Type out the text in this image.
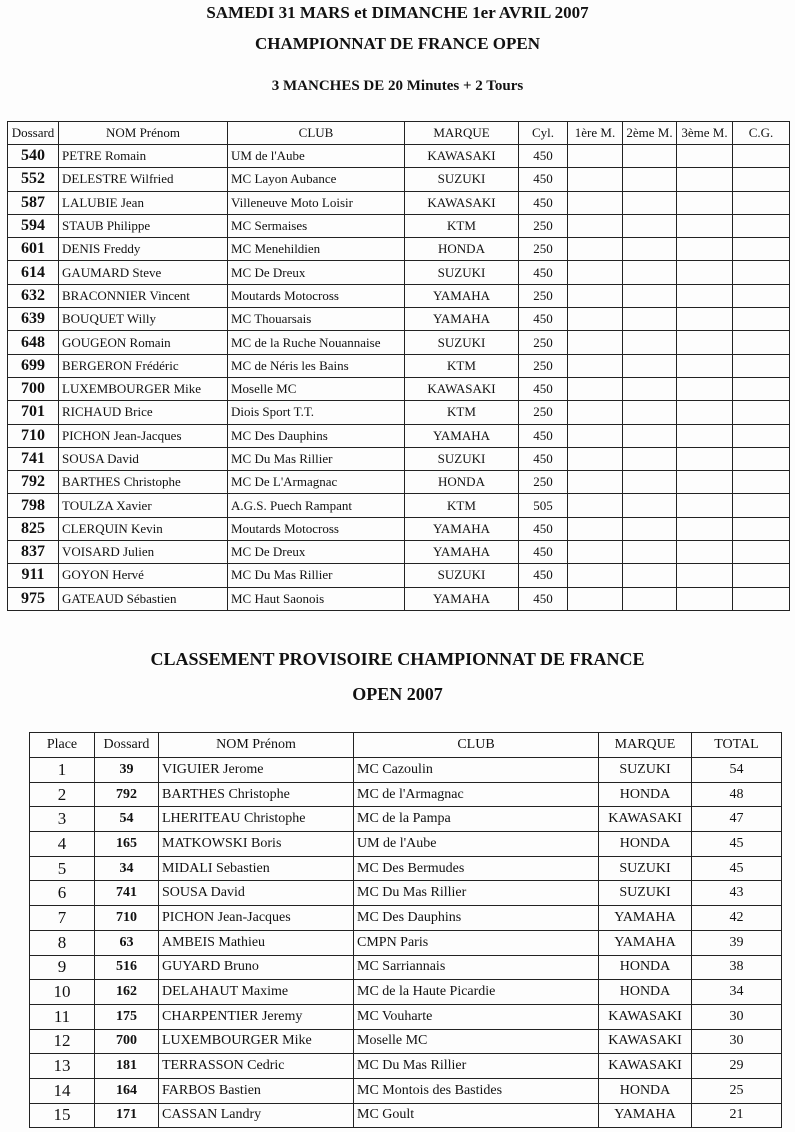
SAMEDI 31 MARS et DIMANCHE 1er AVRIL 2007
CHAMPIONNAT DE FRANCE OPEN
3 MANCHES DE 20 Minutes + 2 Tours
Dossard	NOM Prénom	CLUB	MARQUE	Cyl.	1ère M.	2ème M.	3ème M.	C.G.
540	PETRE Romain	UM de l'Aube	KAWASAKI	450				
552	DELESTRE Wilfried	MC Layon Aubance	SUZUKI	450				
587	LALUBIE Jean	Villeneuve Moto Loisir	KAWASAKI	450				
594	STAUB Philippe	MC Sermaises	KTM	250				
601	DENIS Freddy	MC Menehildien	HONDA	250				
614	GAUMARD Steve	MC De Dreux	SUZUKI	450				
632	BRACONNIER Vincent	Moutards Motocross	YAMAHA	250				
639	BOUQUET Willy	MC Thouarsais	YAMAHA	450				
648	GOUGEON Romain	MC de la Ruche Nouannaise	SUZUKI	250				
699	BERGERON Frédéric	MC de Néris les Bains	KTM	250				
700	LUXEMBOURGER Mike	Moselle MC	KAWASAKI	450				
701	RICHAUD Brice	Diois Sport T.T.	KTM	250				
710	PICHON Jean-Jacques	MC Des Dauphins	YAMAHA	450				
741	SOUSA David	MC Du Mas Rillier	SUZUKI	450				
792	BARTHES Christophe	MC De L'Armagnac	HONDA	250				
798	TOULZA Xavier	A.G.S. Puech Rampant	KTM	505				
825	CLERQUIN Kevin	Moutards Motocross	YAMAHA	450				
837	VOISARD Julien	MC De Dreux	YAMAHA	450				
911	GOYON Hervé	MC Du Mas Rillier	SUZUKI	450				
975	GATEAUD Sébastien	MC Haut Saonois	YAMAHA	450				
CLASSEMENT PROVISOIRE CHAMPIONNAT DE FRANCE
OPEN 2007
Place	Dossard	NOM Prénom	CLUB	MARQUE	TOTAL
1	39	VIGUIER Jerome	MC Cazoulin	SUZUKI	54
2	792	BARTHES Christophe	MC de l'Armagnac	HONDA	48
3	54	LHERITEAU Christophe	MC de la Pampa	KAWASAKI	47
4	165	MATKOWSKI Boris	UM de l'Aube	HONDA	45
5	34	MIDALI Sebastien	MC Des Bermudes	SUZUKI	45
6	741	SOUSA David	MC Du Mas Rillier	SUZUKI	43
7	710	PICHON Jean-Jacques	MC Des Dauphins	YAMAHA	42
8	63	AMBEIS Mathieu	CMPN Paris	YAMAHA	39
9	516	GUYARD Bruno	MC Sarriannais	HONDA	38
10	162	DELAHAUT Maxime	MC de la Haute Picardie	HONDA	34
11	175	CHARPENTIER Jeremy	MC Vouharte	KAWASAKI	30
12	700	LUXEMBOURGER Mike	Moselle MC	KAWASAKI	30
13	181	TERRASSON Cedric	MC Du Mas Rillier	KAWASAKI	29
14	164	FARBOS Bastien	MC Montois des Bastides	HONDA	25
15	171	CASSAN Landry	MC Goult	YAMAHA	21
